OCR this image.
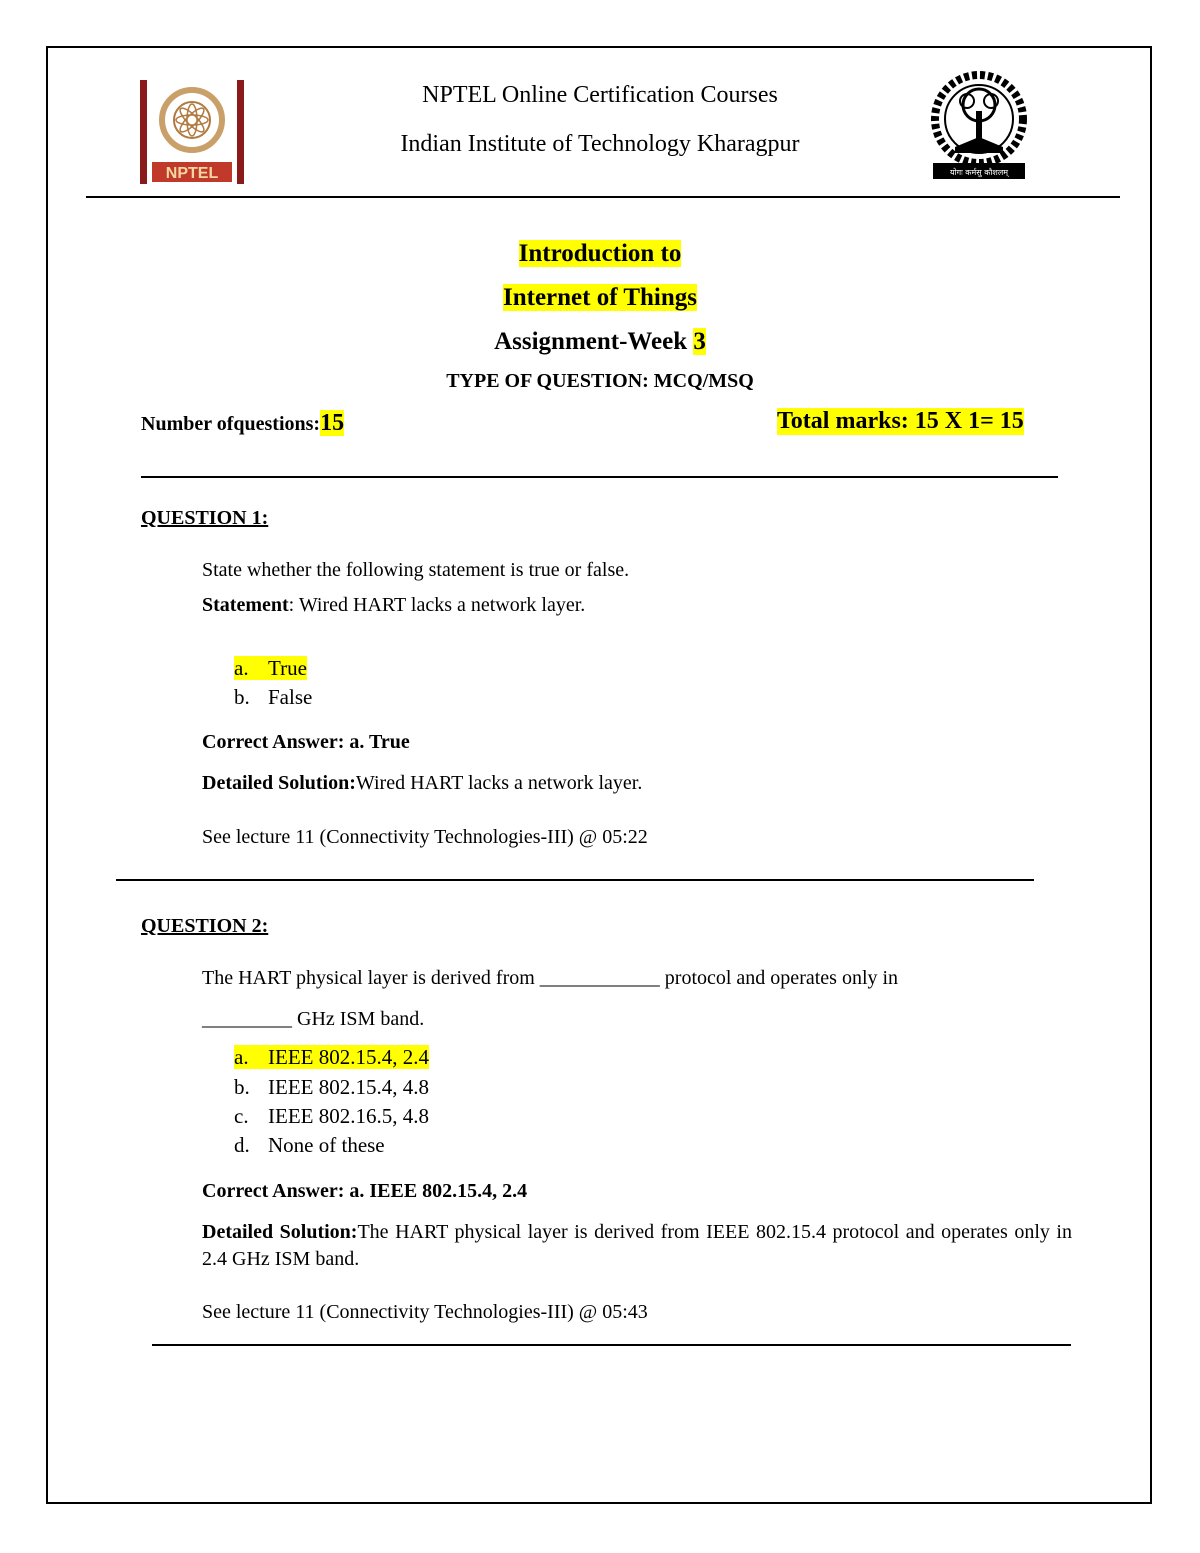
NPTEL	योगः कर्मसु कौशलम्
NPTEL Online Certification Courses
Indian Institute of Technology Kharagpur
Introduction to
Internet of Things
Assignment-Week 3
TYPE OF QUESTION: MCQ/MSQ
Number ofquestions:15	Total marks: 15 X 1= 15
QUESTION 1:
State whether the following statement is true or false.
Statement: Wired HART lacks a network layer.
a. True
b. False
Correct Answer: a. True
Detailed Solution:Wired HART lacks a network layer.
See lecture 11 (Connectivity Technologies-III) @ 05:22
QUESTION 2:
The HART physical layer is derived from ____________ protocol and operates only in
_________ GHz ISM band.
a. IEEE 802.15.4, 2.4
b. IEEE 802.15.4, 4.8
c. IEEE 802.16.5, 4.8
d. None of these
Correct Answer: a. IEEE 802.15.4, 2.4
Detailed Solution:The HART physical layer is derived from IEEE 802.15.4 protocol and operates only in 2.4 GHz ISM band.
See lecture 11 (Connectivity Technologies-III) @ 05:43
